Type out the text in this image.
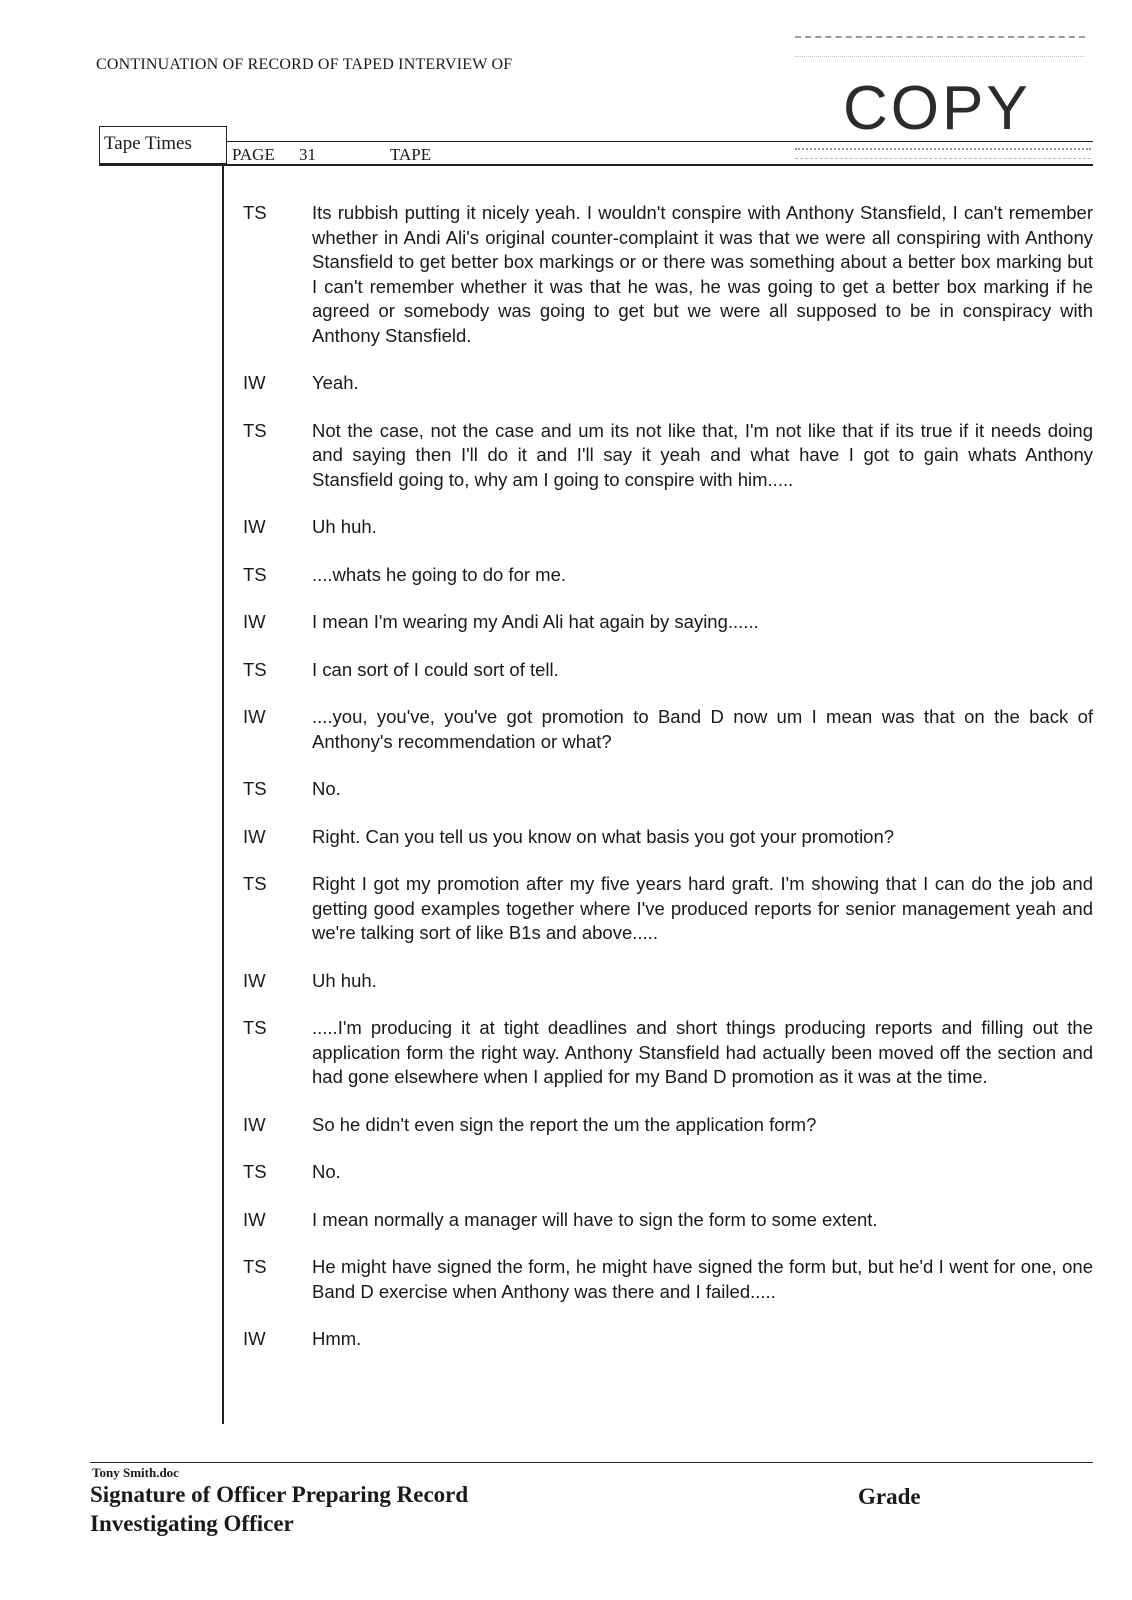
CONTINUATION OF RECORD OF TAPED INTERVIEW OF
COPY
Tape Times
PAGE 31	TAPE
TS	Its rubbish putting it nicely yeah. I wouldn't conspire with Anthony Stansfield, I can't remember whether in Andi Ali's original counter-complaint it was that we were all conspiring with Anthony Stansfield to get better box markings or or there was something about a better box marking but I can't remember whether it was that he was, he was going to get a better box marking if he agreed or somebody was going to get but we were all supposed to be in conspiracy with Anthony Stansfield.
IW	Yeah.
TS	Not the case, not the case and um its not like that, I'm not like that if its true if it needs doing and saying then I'll do it and I'll say it yeah and what have I got to gain whats Anthony Stansfield going to, why am I going to conspire with him.....
IW	Uh huh.
TS	....whats he going to do for me.
IW	I mean I'm wearing my Andi Ali hat again by saying......
TS	I can sort of I could sort of tell.
IW	....you, you've, you've got promotion to Band D now um I mean was that on the back of Anthony's recommendation or what?
TS	No.
IW	Right. Can you tell us you know on what basis you got your promotion?
TS	Right I got my promotion after my five years hard graft. I'm showing that I can do the job and getting good examples together where I've produced reports for senior management yeah and we're talking sort of like B1s and above.....
IW	Uh huh.
TS	.....I'm producing it at tight deadlines and short things producing reports and filling out the application form the right way. Anthony Stansfield had actually been moved off the section and had gone elsewhere when I applied for my Band D promotion as it was at the time.
IW	So he didn't even sign the report the um the application form?
TS	No.
IW	I mean normally a manager will have to sign the form to some extent.
TS	He might have signed the form, he might have signed the form but, but he'd I went for one, one Band D exercise when Anthony was there and I failed.....
IW	Hmm.
Tony Smith.doc
Signature of Officer Preparing Record
Investigating Officer
Grade
